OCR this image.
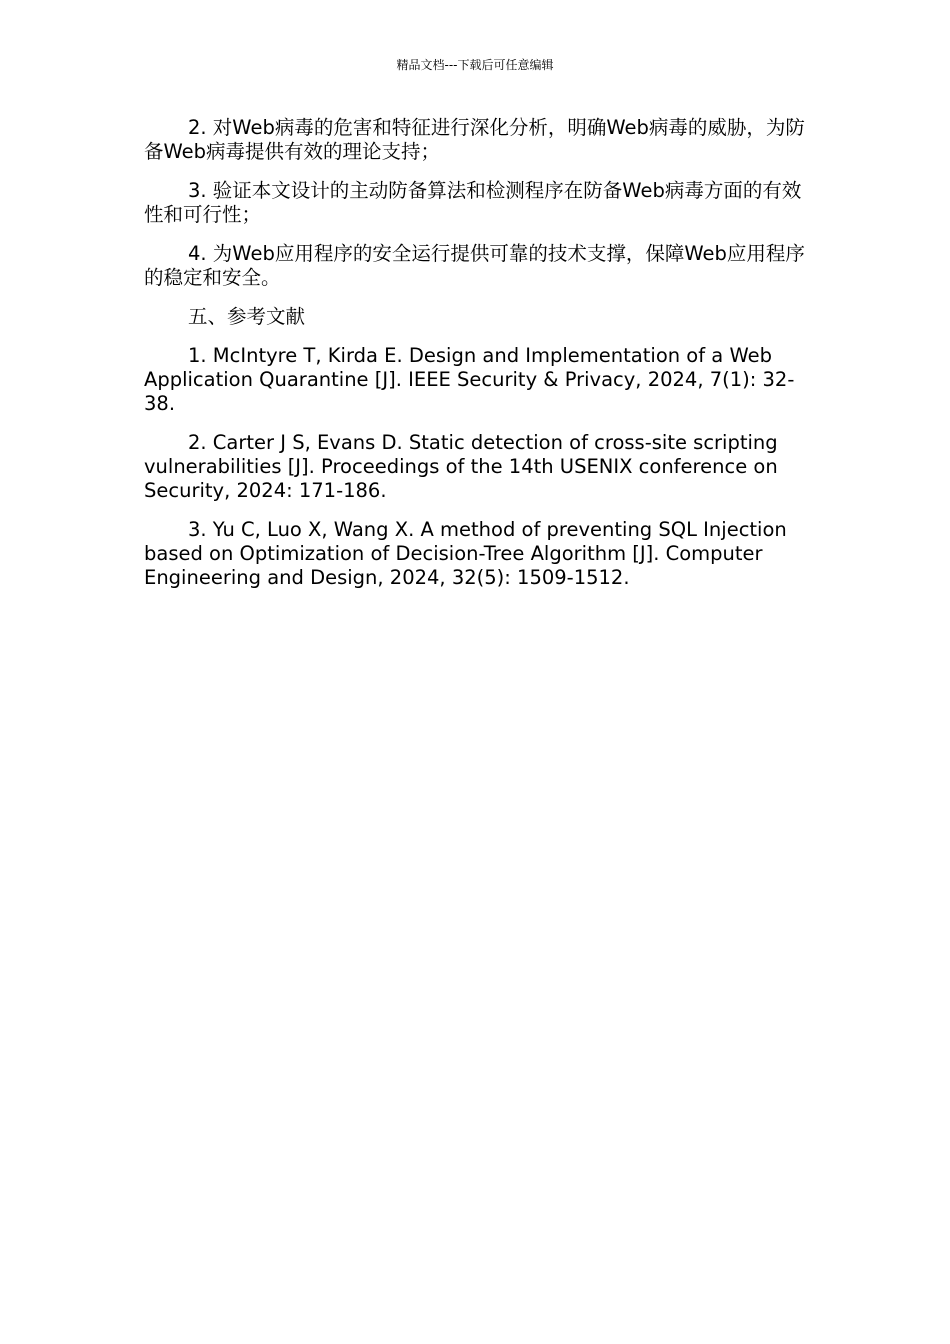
精品文档---下载后可任意编辑

2. 对Web病毒的危害和特征进行深化分析，明确Web病毒的威胁，为防备Web病毒提供有效的理论支持；

3. 验证本文设计的主动防备算法和检测程序在防备Web病毒方面的有效性和可行性；

4. 为Web应用程序的安全运行提供可靠的技术支撑，保障Web应用程序的稳定和安全。

五、参考文献

1. McIntyre T, Kirda E. Design and Implementation of a Web Application Quarantine [J]. IEEE Security & Privacy, 2024, 7(1): 32-38.

2. Carter J S, Evans D. Static detection of cross-site scripting vulnerabilities [J]. Proceedings of the 14th USENIX conference on Security, 2024: 171-186.

3. Yu C, Luo X, Wang X. A method of preventing SQL Injection based on Optimization of Decision-Tree Algorithm [J]. Computer Engineering and Design, 2024, 32(5): 1509-1512.
